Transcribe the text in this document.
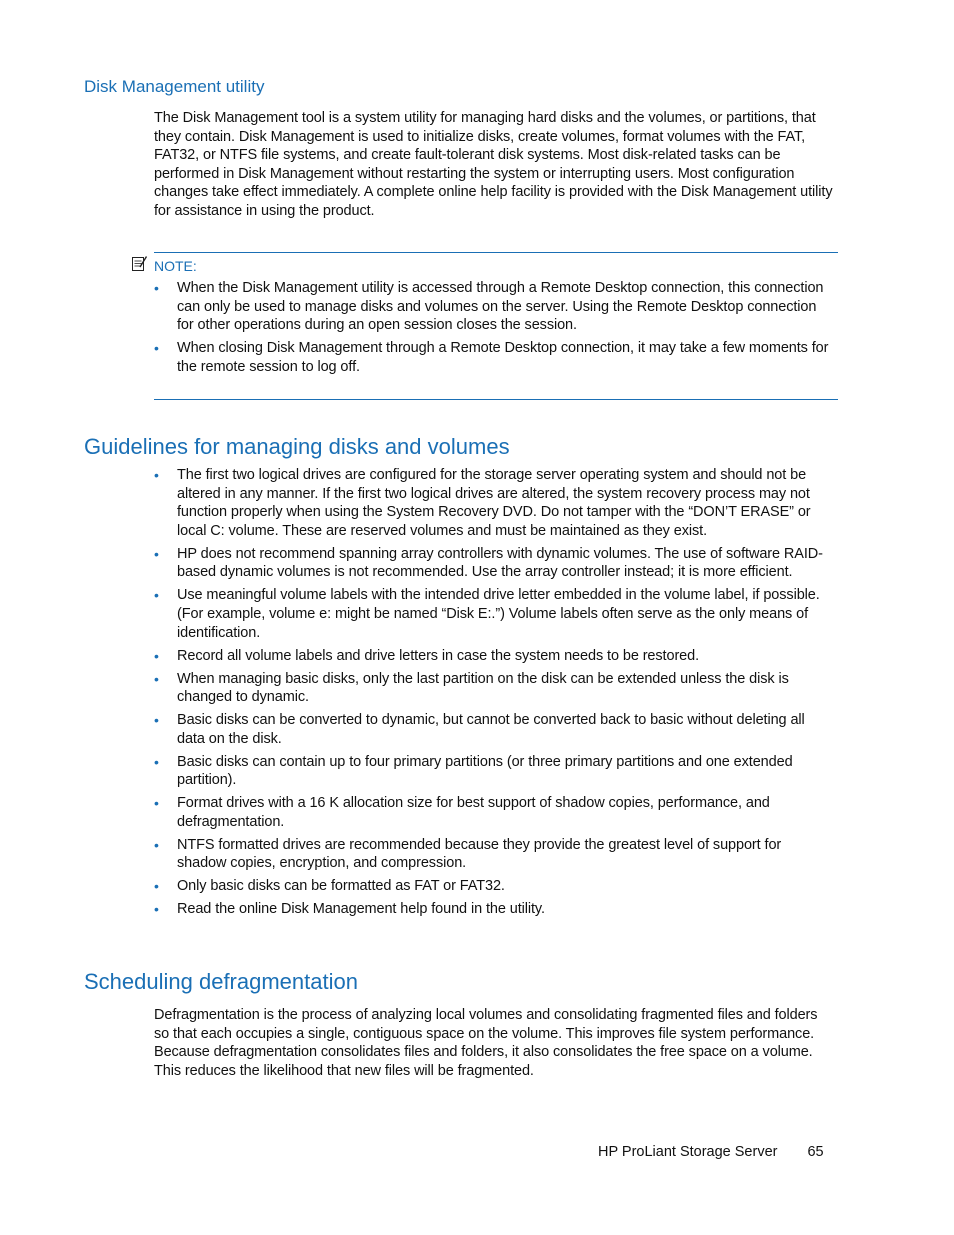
Disk Management utility

The Disk Management tool is a system utility for managing hard disks and the volumes, or partitions, that they contain. Disk Management is used to initialize disks, create volumes, format volumes with the FAT, FAT32, or NTFS file systems, and create fault-tolerant disk systems. Most disk-related tasks can be performed in Disk Management without restarting the system or interrupting users. Most configuration changes take effect immediately. A complete online help facility is provided with the Disk Management utility for assistance in using the product.

NOTE:
• When the Disk Management utility is accessed through a Remote Desktop connection, this connection can only be used to manage disks and volumes on the server. Using the Remote Desktop connection for other operations during an open session closes the session.
• When closing Disk Management through a Remote Desktop connection, it may take a few moments for the remote session to log off.
Guidelines for managing disks and volumes
• The first two logical drives are configured for the storage server operating system and should not be altered in any manner. If the first two logical drives are altered, the system recovery process may not function properly when using the System Recovery DVD. Do not tamper with the “DON’T ERASE” or local C: volume. These are reserved volumes and must be maintained as they exist.
• HP does not recommend spanning array controllers with dynamic volumes. The use of software RAID-based dynamic volumes is not recommended. Use the array controller instead; it is more efficient.
• Use meaningful volume labels with the intended drive letter embedded in the volume label, if possible. (For example, volume e: might be named “Disk E:.”) Volume labels often serve as the only means of identification.
• Record all volume labels and drive letters in case the system needs to be restored.
• When managing basic disks, only the last partition on the disk can be extended unless the disk is changed to dynamic.
• Basic disks can be converted to dynamic, but cannot be converted back to basic without deleting all data on the disk.
• Basic disks can contain up to four primary partitions (or three primary partitions and one extended partition).
• Format drives with a 16 K allocation size for best support of shadow copies, performance, and defragmentation.
• NTFS formatted drives are recommended because they provide the greatest level of support for shadow copies, encryption, and compression.
• Only basic disks can be formatted as FAT or FAT32.
• Read the online Disk Management help found in the utility.
Scheduling defragmentation

Defragmentation is the process of analyzing local volumes and consolidating fragmented files and folders so that each occupies a single, contiguous space on the volume. This improves file system performance. Because defragmentation consolidates files and folders, it also consolidates the free space on a volume. This reduces the likelihood that new files will be fragmented.

HP ProLiant Storage Server 65
